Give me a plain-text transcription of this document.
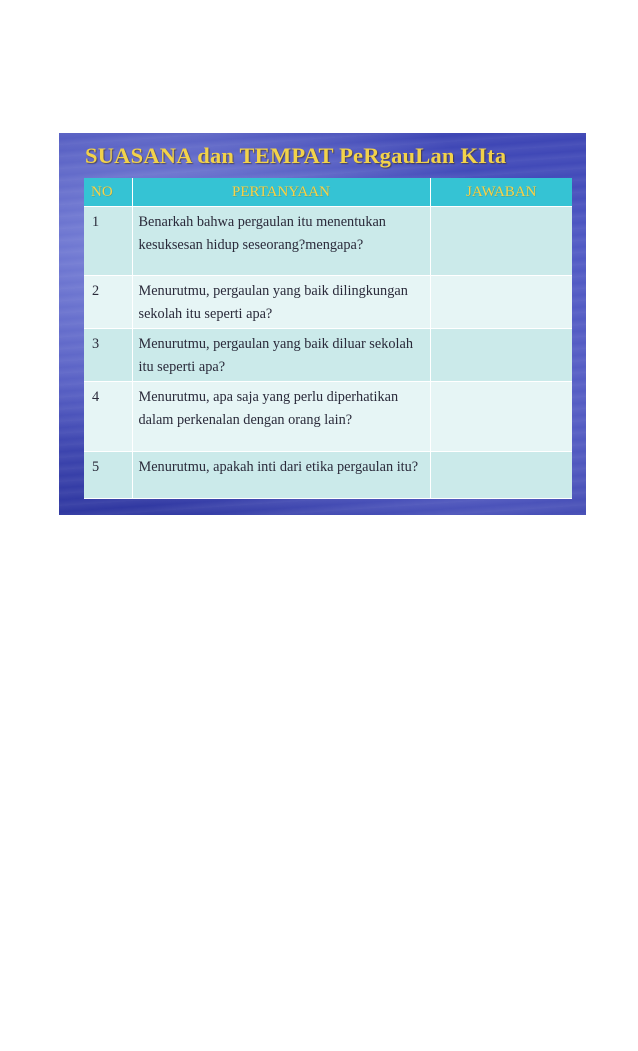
SUASANA dan TEMPAT PeRgauLan KIta
NO	PERTANYAAN	JAWABAN
1	Benarkah bahwa pergaulan itu menentukan kesuksesan hidup seseorang?mengapa?	
2	Menurutmu, pergaulan yang baik dilingkungan sekolah itu seperti apa?	
3	Menurutmu, pergaulan yang baik diluar sekolah itu seperti apa?	
4	Menurutmu, apa saja yang perlu diperhatikan dalam perkenalan dengan orang lain?	
5	Menurutmu, apakah inti dari etika pergaulan itu?	
